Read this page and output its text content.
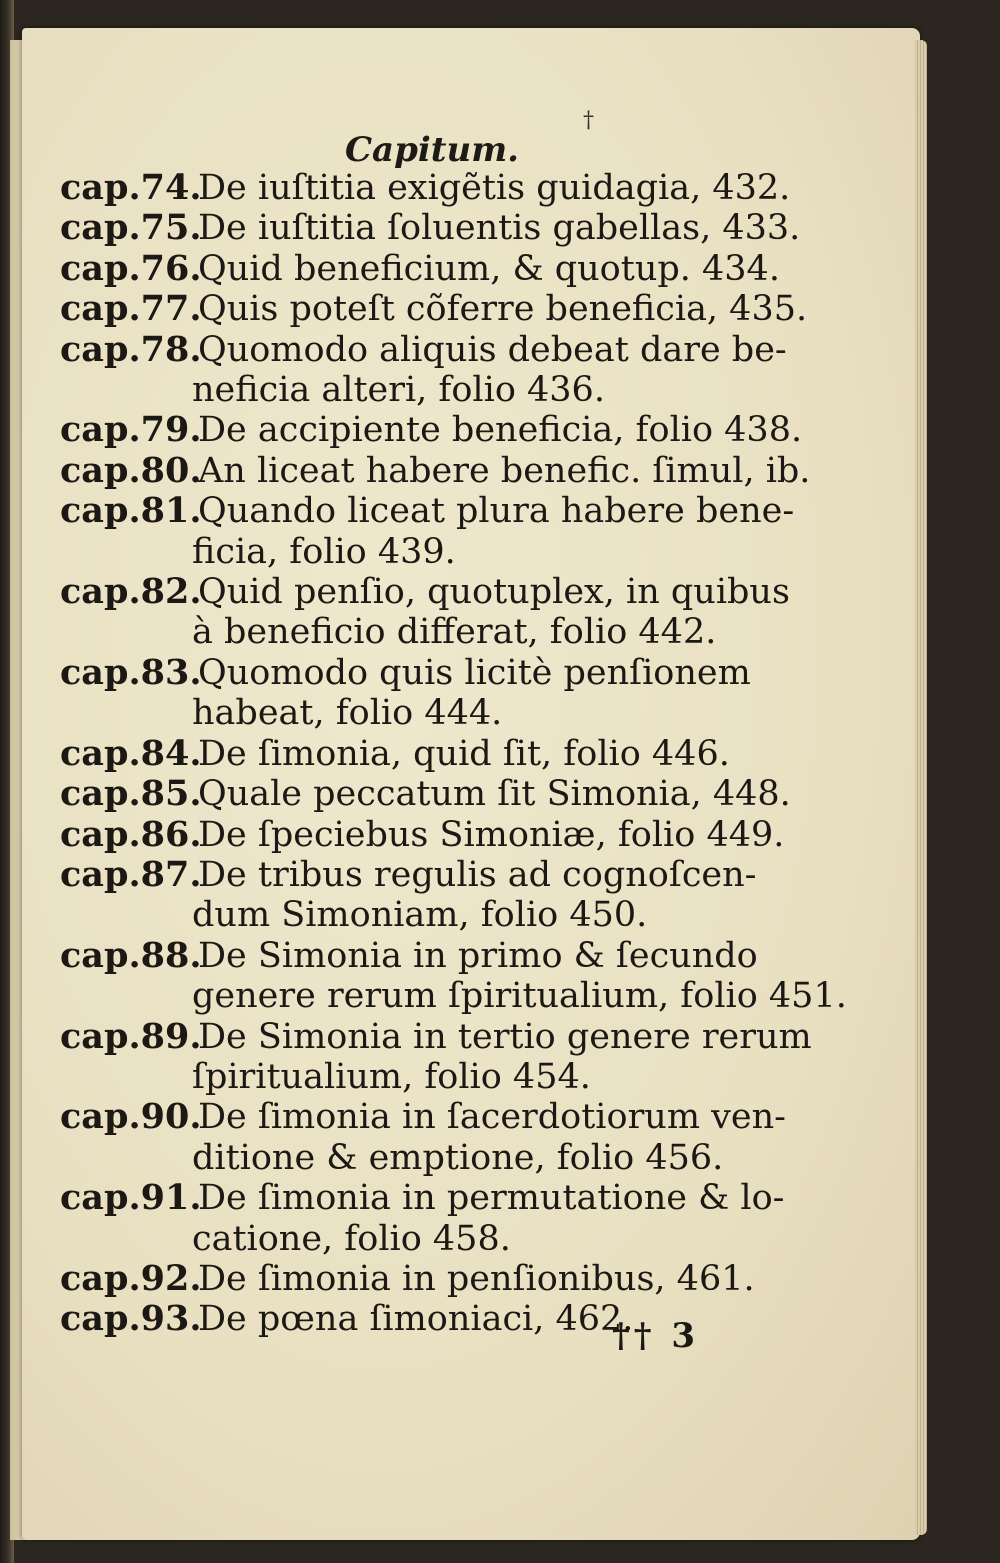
†
Capitum.
cap.74.De iuſtitia exigẽtis guidagia, 432.
cap.75.De iuſtitia ſoluentis gabellas, 433.
cap.76.Quid beneficium, & quotup. 434.
cap.77.Quis poteſt cõferre beneficia, 435.
cap.78.Quomodo aliquis debeat dare be-
neficia alteri, folio 436.
cap.79.De accipiente beneficia, folio 438.
cap.80.An liceat habere benefic. ſimul, ib.
cap.81.Quando liceat plura habere bene-
ficia, folio 439.
cap.82.Quid penſio, quotuplex, in quibus
à beneficio differat, folio 442.
cap.83.Quomodo quis licitè penſionem
habeat, folio 444.
cap.84.De ſimonia, quid ſit, folio 446.
cap.85.Quale peccatum ſit Simonia, 448.
cap.86.De ſpeciebus Simoniæ, folio 449.
cap.87.De tribus regulis ad cognoſcen-
dum Simoniam, folio 450.
cap.88.De Simonia in primo & ſecundo
genere rerum ſpiritualium, folio 451.
cap.89.De Simonia in tertio genere rerum
ſpiritualium, folio 454.
cap.90.De ſimonia in ſacerdotiorum ven-
ditione & emptione, folio 456.
cap.91.De ſimonia in permutatione & lo-
catione, folio 458.
cap.92.De ſimonia in penſionibus, 461.
cap.93.De pœna ſimoniaci, 462.
†† 3
